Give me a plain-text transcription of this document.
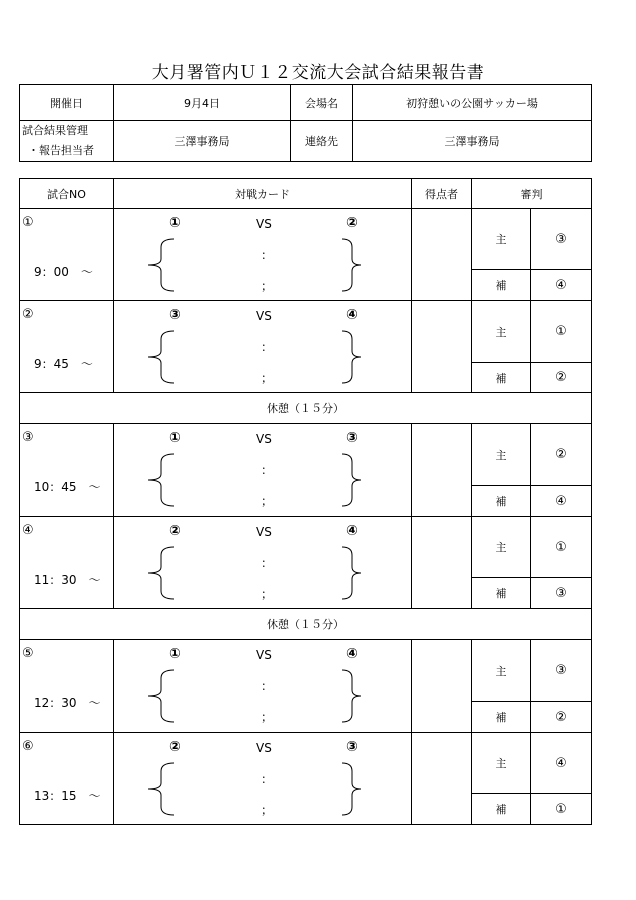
大月署管内Ｕ１２交流大会試合結果報告書
開催日	9月4日	会場名	初狩憩いの公園サッカー場

試合結果管理
・報告担当者	三澤事務局	連絡先	三澤事務局
試合NO	対戦カード	得点者	審判	

①
9：00　～	① VS ②
：
；		主	③
			補	④

②
9：45　～	③ VS ④
：
；		主	①
			補	②
休憩（１５分）				

③
10：45　～	① VS ③
：
；		主	②
			補	④

④
11：30　～	② VS ④
：
；		主	①
			補	③
休憩（１５分）				

⑤
12：30　～	① VS ④
：
；		主	③
			補	②

⑥
13：15　～	② VS ③
：
；		主	④
			補	①
